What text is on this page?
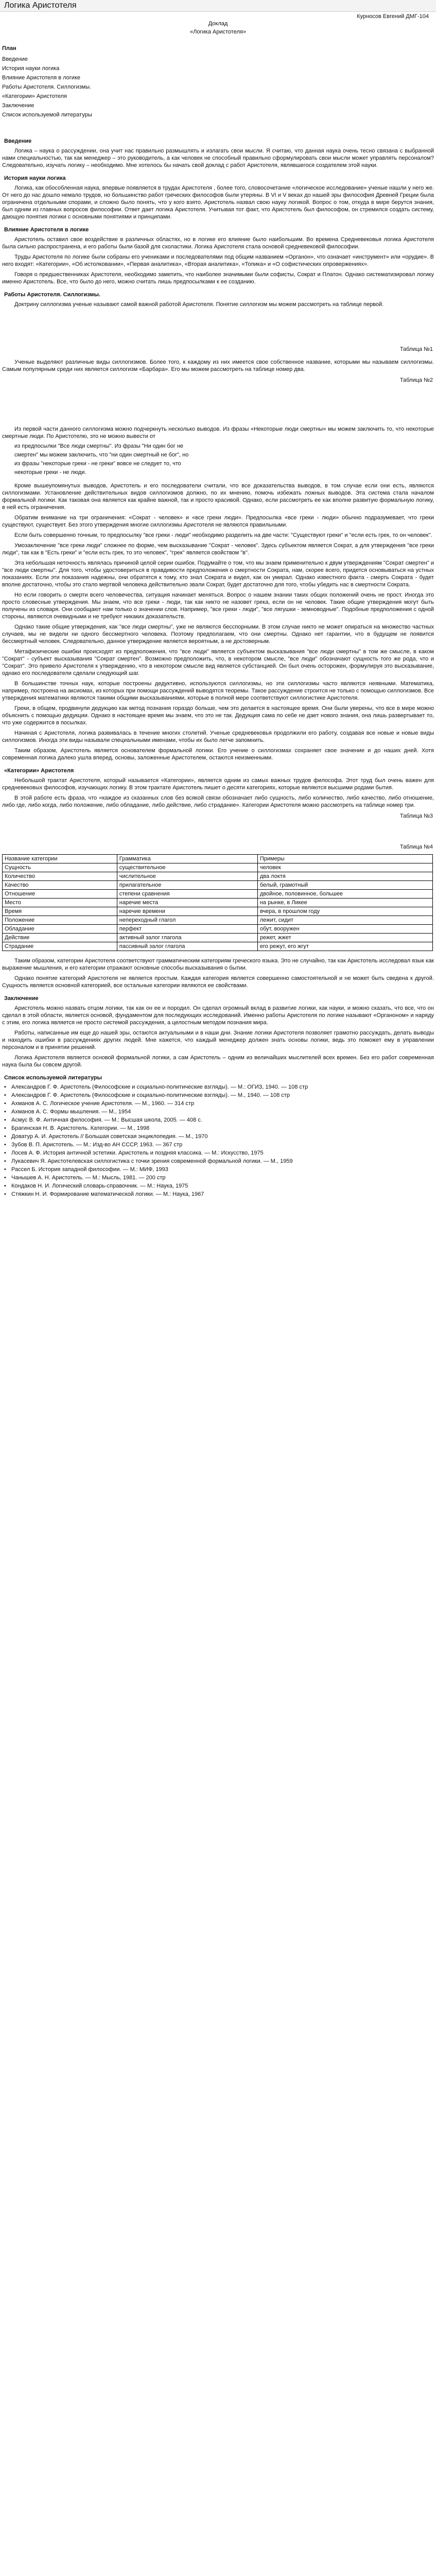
Логика Аристотеля
Курносов Евгений ДМГ-104
Доклад
«Логика Аристотеля»
План
Введение
История науки логика
Влияние Аристотеля в логике
Работы Аристотеля. Силлогизмы.
«Категории» Аристотеля
Заключение
Список используемой литературы
Введение

Логика – наука о рассуждении, она учит нас правильно размышлять и излагать свои мысли. Я считаю, что данная наука очень тесно связана с выбранной нами специальностью, так как менеджер – это руководитель, а как человек не способный правильно сформулировать свои мысли может управлять персоналом? Следовательно, изучать логику – необходимо. Мне хотелось бы начать свой доклад с работ Аристотеля, являвшегося создателем этой науки.

История науки логика

Логика, как обособленная наука, впервые появляется в трудах Аристотеля , более того, словосочетание «логическое исследование» ученые нашли у него же. От него до нас дошло немало трудов, но большинство работ греческих философов были утеряны. В VI и V веках до нашей эры философия Древней Греции была ограничена отдельными спорами, и сложно было понять, что у кого взято. Аристотель назвал свою науку логикой. Вопрос о том, откуда в мире берутся знания, был одним из главных вопросов философии. Ответ дает логика Аристотеля. Учитывая тот факт, что Аристотель был философом, он стремился создать систему, дающую понятия логики с основными понятиями и принципами.

Влияние Аристотеля в логике

Аристотель оставил свое воздействие в различных областях, но в логике его влияние было наибольшим. Во времена Средневековья логика Аристотеля была сильно распространена, и его работы были базой для схоластики. Логика Аристотеля стала основой средневековой философии.

Труды Аристотеля по логике были собраны его учениками и последователями под общим названием «Органон», что означает «инструмент» или «орудие». В него входят: «Категории», «Об истолковании», «Первая аналитика», «Вторая аналитика», «Топика» и «О софистических опровержениях».

Говоря о предшественниках Аристотеля, необходимо заметить, что наиболее значимыми были софисты, Сократ и Платон. Однако систематизировал логику именно Аристотель. Все, что было до него, можно считать лишь предпосылками к ее созданию.

Работы Аристотеля. Силлогизмы.

Доктрину силлогизма ученые называют самой важной работой Аристотеля. Понятие силлогизм мы можем рассмотреть на таблице первой.

Таблица №1

Ученые выделяют различные виды силлогизмов. Более того, к каждому из них имеется свое собственное название, которыми мы называем силлогизмы. Самым популярным среди них является силлогизм «Барбара». Его мы можем рассмотреть на таблице номер два.

Таблица №2

Из первой части данного силлогизма можно подчеркнуть несколько выводов. Из фразы «Некоторые люди смертны» мы можем заключить то, что некоторые смертные люди. По Аристотелю, это не можно вывести от

из предпосылки "Все люди смертны". Из фразы "Ни один бог не

смертен" мы можем заключить, что "ни один смертный не бог", но

из фразы "некоторые греки - не греки" вовсе не следует то, что

некоторые греки - не люди.

Кроме вышеупомянутых выводов, Аристотель и его последователи считали, что все доказательства выводов, в том случае если они есть, являются силлогизмами. Установление действительных видов силлогизмов должно, по их мнению, помочь избежать ложных выводов. Эта система стала началом формальной логики. Как таковая она является как крайне важной, так и просто красивой. Однако, если рассмотреть ее как вполне развитую формальную логику, в ней есть ограничения.

Обратим внимание на три ограничения: «Сократ - человек» и «все греки люди». Предпосылка «все греки - люди» обычно подразумевает, что греки существуют, существует. Без этого утверждения многие силлогизмы Аристотеля не являются правильными.

Если быть совершенно точным, то предпосылку "все греки - люди" необходимо разделить на две части: "Существуют греки" и "если есть грек, то он человек".

Умозаключение "все греки люди" сложнее по форме, чем высказывание "Сократ - человек". Здесь субъектом является Сократ, а для утверждения "все греки люди", так как в "Есть греки" и "если есть грек, то это человек", "грек" является свойством "в".

Эта небольшая неточность являлась причиной целой серии ошибок. Подумайте о том, что мы знаем применительно к двум утверждениям "Сократ смертен" и "все люди смертны". Для того, чтобы удостовериться в правдивости предположения о смертности Сократа, нам, скорее всего, придется основываться на устных показаниях. Если эти показания надежны, они обратятся к тому, кто знал Сократа и видел, как он умирал. Однако известного факта - смерть Сократа - будет вполне достаточно, чтобы это стало мертвой человека действительно звали Сократ, будет достаточно для того, чтобы убедить нас в смертности Сократа.

Но если говорить о смерти всего человечества, ситуация начинает меняться. Вопрос о нашем знании таких общих положений очень не прост. Иногда это просто словесные утверждения. Мы знаем, что все греки - люди, так как никто не назовет грека, если он не человек. Такие общие утверждения могут быть получены из словаря. Они сообщают нам только о значении слов. Например, "все греки - люди", "все лягушки - земноводные". Подобные предположения с одной стороны, являются очевидными и не требуют никаких доказательств.

Однако такие общие утверждения, как "все люди смертны", уже не являются бесспорными. В этом случае никто не может опираться на множество частных случаев, мы не видели ни одного бессмертного человека. Поэтому предполагаем, что они смертны. Однако нет гарантии, что в будущем не появится бессмертный человек. Следовательно, данное утверждение является вероятным, а не достоверным.

Метафизические ошибки происходят из предположения, что "все люди" является субъектом высказывания "все люди смертны" в том же смысле, в каком "Сократ" - субъект высказывания "Сократ смертен". Возможно предположить, что, в некотором смысле, "все люди" обозначают сущность того же рода, что и "Сократ". Это привело Аристотеля к утверждению, что в некотором смысле вид является субстанцией. Он был очень осторожен, формулируя это высказывание, однако его последователи сделали следующий шаг.

В большинстве точных наук, которые построены дедуктивно, используются силлогизмы, но эти силлогизмы часто являются неявными. Математика, например, построена на аксиомах, из которых при помощи рассуждений выводятся теоремы. Такое рассуждение строится не только с помощью силлогизмов. Все утверждения математики являются такими общими высказываниями, которые в полной мере соответствуют силлогистике Аристотеля.

Греки, в общем, продвинули дедукцию как метод познания гораздо больше, чем это делается в настоящее время. Они были уверены, что все в мире можно объяснить с помощью дедукции. Однако в настоящее время мы знаем, что это не так. Дедукция сама по себе не дает нового знания, она лишь развертывает то, что уже содержится в посылках.

Начиная с Аристотеля, логика развивалась в течение многих столетий. Ученые средневековья продолжили его работу, создавая все новые и новые виды силлогизмов. Иногда эти виды называли специальными именами, чтобы их было легче запомнить.

Таким образом, Аристотель является основателем формальной логики. Его учение о силлогизмах сохраняет свое значение и до наших дней. Хотя современная логика далеко ушла вперед, основы, заложенные Аристотелем, остаются неизменными.

«Категории» Аристотеля

Небольшой трактат Аристотеля, который называется «Категории», является одним из самых важных трудов философа. Этот труд был очень важен для средневековых философов, изучающих логику. В этом трактате Аристотель пишет о десяти категориях, которые являются высшими родами бытия.

В этой работе есть фраза, что «каждое из сказанных слов без всякой связи обозначает либо сущность, либо количество, либо качество, либо отношение, либо где, либо когда, либо положение, либо обладание, либо действие, либо страдание». Категории Аристотеля можно рассмотреть на таблице номер три.

Таблица №3
Таблица №4
Название категории	Грамматика	Примеры
Сущность	существительное	человек
Количество	числительное	два локтя
Качество	прилагательное	белый, грамотный
Отношение	степени сравнения	двойное, половинное, большее
Место	наречие места	на рынке, в Ликее
Время	наречие времени	вчера, в прошлом году
Положение	непереходный глагол	лежит, сидит
Обладание	перфект	обут, вооружен
Действие	активный залог глагола	режет, жжет
Страдание	пассивный залог глагола	его режут, его жгут

Таким образом, категории Аристотеля соответствуют грамматическим категориям греческого языка. Это не случайно, так как Аристотель исследовал язык как выражение мышления, и его категории отражают основные способы высказывания о бытии.

Однако понятие категорий Аристотеля не является простым. Каждая категория является совершенно самостоятельной и не может быть сведена к другой. Сущность является основной категорией, все остальные категории являются ее свойствами.

Заключение

Аристотель можно назвать отцом логики, так как он ее и породил. Он сделал огромный вклад в развитие логики, как науки, и можно сказать, что все, что он сделал в этой области, является основой, фундаментом для последующих исследований. Именно работы Аристотеля по логике называют «Органоном» и наряду с этим, его логика является не просто системой рассуждения, а целостным методом познания мира.

Работы, написанные им еще до нашей эры, остаются актуальными и в наши дни. Знание логики Аристотеля позволяет грамотно рассуждать, делать выводы и находить ошибки в рассуждениях других людей. Мне кажется, что каждый менеджер должен знать основы логики, ведь это поможет ему в управлении персоналом и в принятии решений.

Логика Аристотеля является основой формальной логики, а сам Аристотель – одним из величайших мыслителей всех времен. Без его работ современная наука была бы совсем другой.

Список используемой литературы
• Александров Г. Ф. Аристотель (Философские и социально-политические взгляды). — М.: ОГИЗ, 1940. — 108 стр
• Александров Г. Ф. Аристотель (Философские и социально-политические взгляды). — М., 1940. — 108 стр
• Ахманов А. С. Логическое учение Аристотеля. — М., 1960. — 314 стр
• Ахманов А. С. Формы мышления. — М., 1954
• Асмус В. Ф. Античная философия. — М.: Высшая школа, 2005. — 408 с.
• Брагинская Н. В. Аристотель. Категории. — М., 1998
• Доватур А. И. Аристотель // Большая советская энциклопедия. — М., 1970
• Зубов В. П. Аристотель. — М.: Изд-во АН СССР, 1963. — 367 стр
• Лосев А. Ф. История античной эстетики. Аристотель и поздняя классика. — М.: Искусство, 1975
• Лукасевич Я. Аристотелевская силлогистика с точки зрения современной формальной логики. — М., 1959
• Рассел Б. История западной философии. — М.: МИФ, 1993
• Чанышев А. Н. Аристотель. — М.: Мысль, 1981. — 200 стр
• Кондаков Н. И. Логический словарь-справочник. — М.: Наука, 1975
• Стяжкин Н. И. Формирование математической логики. — М.: Наука, 1967
